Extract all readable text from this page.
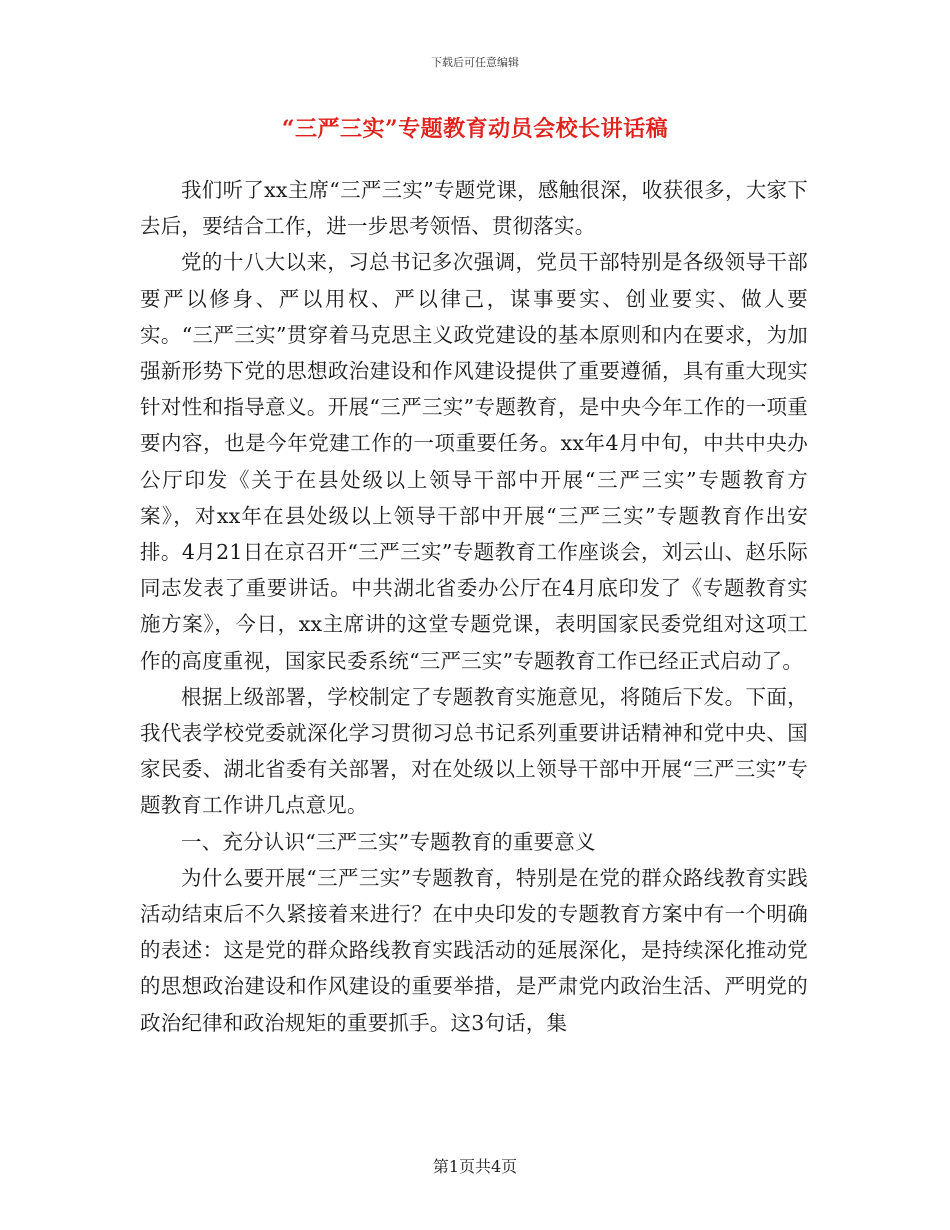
下载后可任意编辑
“三严三实”专题教育动员会校长讲话稿

我们听了xx主席“三严三实”专题党课，感触很深，收获很多，大家下去后，要结合工作，进一步思考领悟、贯彻落实。

党的十八大以来，习总书记多次强调，党员干部特别是各级领导干部要严以修身、严以用权、严以律己，谋事要实、创业要实、做人要实。“三严三实”贯穿着马克思主义政党建设的基本原则和内在要求，为加强新形势下党的思想政治建设和作风建设提供了重要遵循，具有重大现实针对性和指导意义。开展“三严三实”专题教育，是中央今年工作的一项重要内容，也是今年党建工作的一项重要任务。xx年4月中旬，中共中央办公厅印发《关于在县处级以上领导干部中开展“三严三实”专题教育方案》，对xx年在县处级以上领导干部中开展“三严三实”专题教育作出安排。4月21日在京召开“三严三实”专题教育工作座谈会，刘云山、赵乐际同志发表了重要讲话。中共湖北省委办公厅在4月底印发了《专题教育实施方案》，今日，xx主席讲的这堂专题党课，表明国家民委党组对这项工作的高度重视，国家民委系统“三严三实”专题教育工作已经正式启动了。

根据上级部署，学校制定了专题教育实施意见，将随后下发。下面，我代表学校党委就深化学习贯彻习总书记系列重要讲话精神和党中央、国家民委、湖北省委有关部署，对在处级以上领导干部中开展“三严三实”专题教育工作讲几点意见。

一、充分认识“三严三实”专题教育的重要意义

为什么要开展“三严三实”专题教育，特别是在党的群众路线教育实践活动结束后不久紧接着来进行？在中央印发的专题教育方案中有一个明确的表述：这是党的群众路线教育实践活动的延展深化，是持续深化推动党的思想政治建设和作风建设的重要举措，是严肃党内政治生活、严明党的政治纪律和政治规矩的重要抓手。这3句话，集

第1页共4页
